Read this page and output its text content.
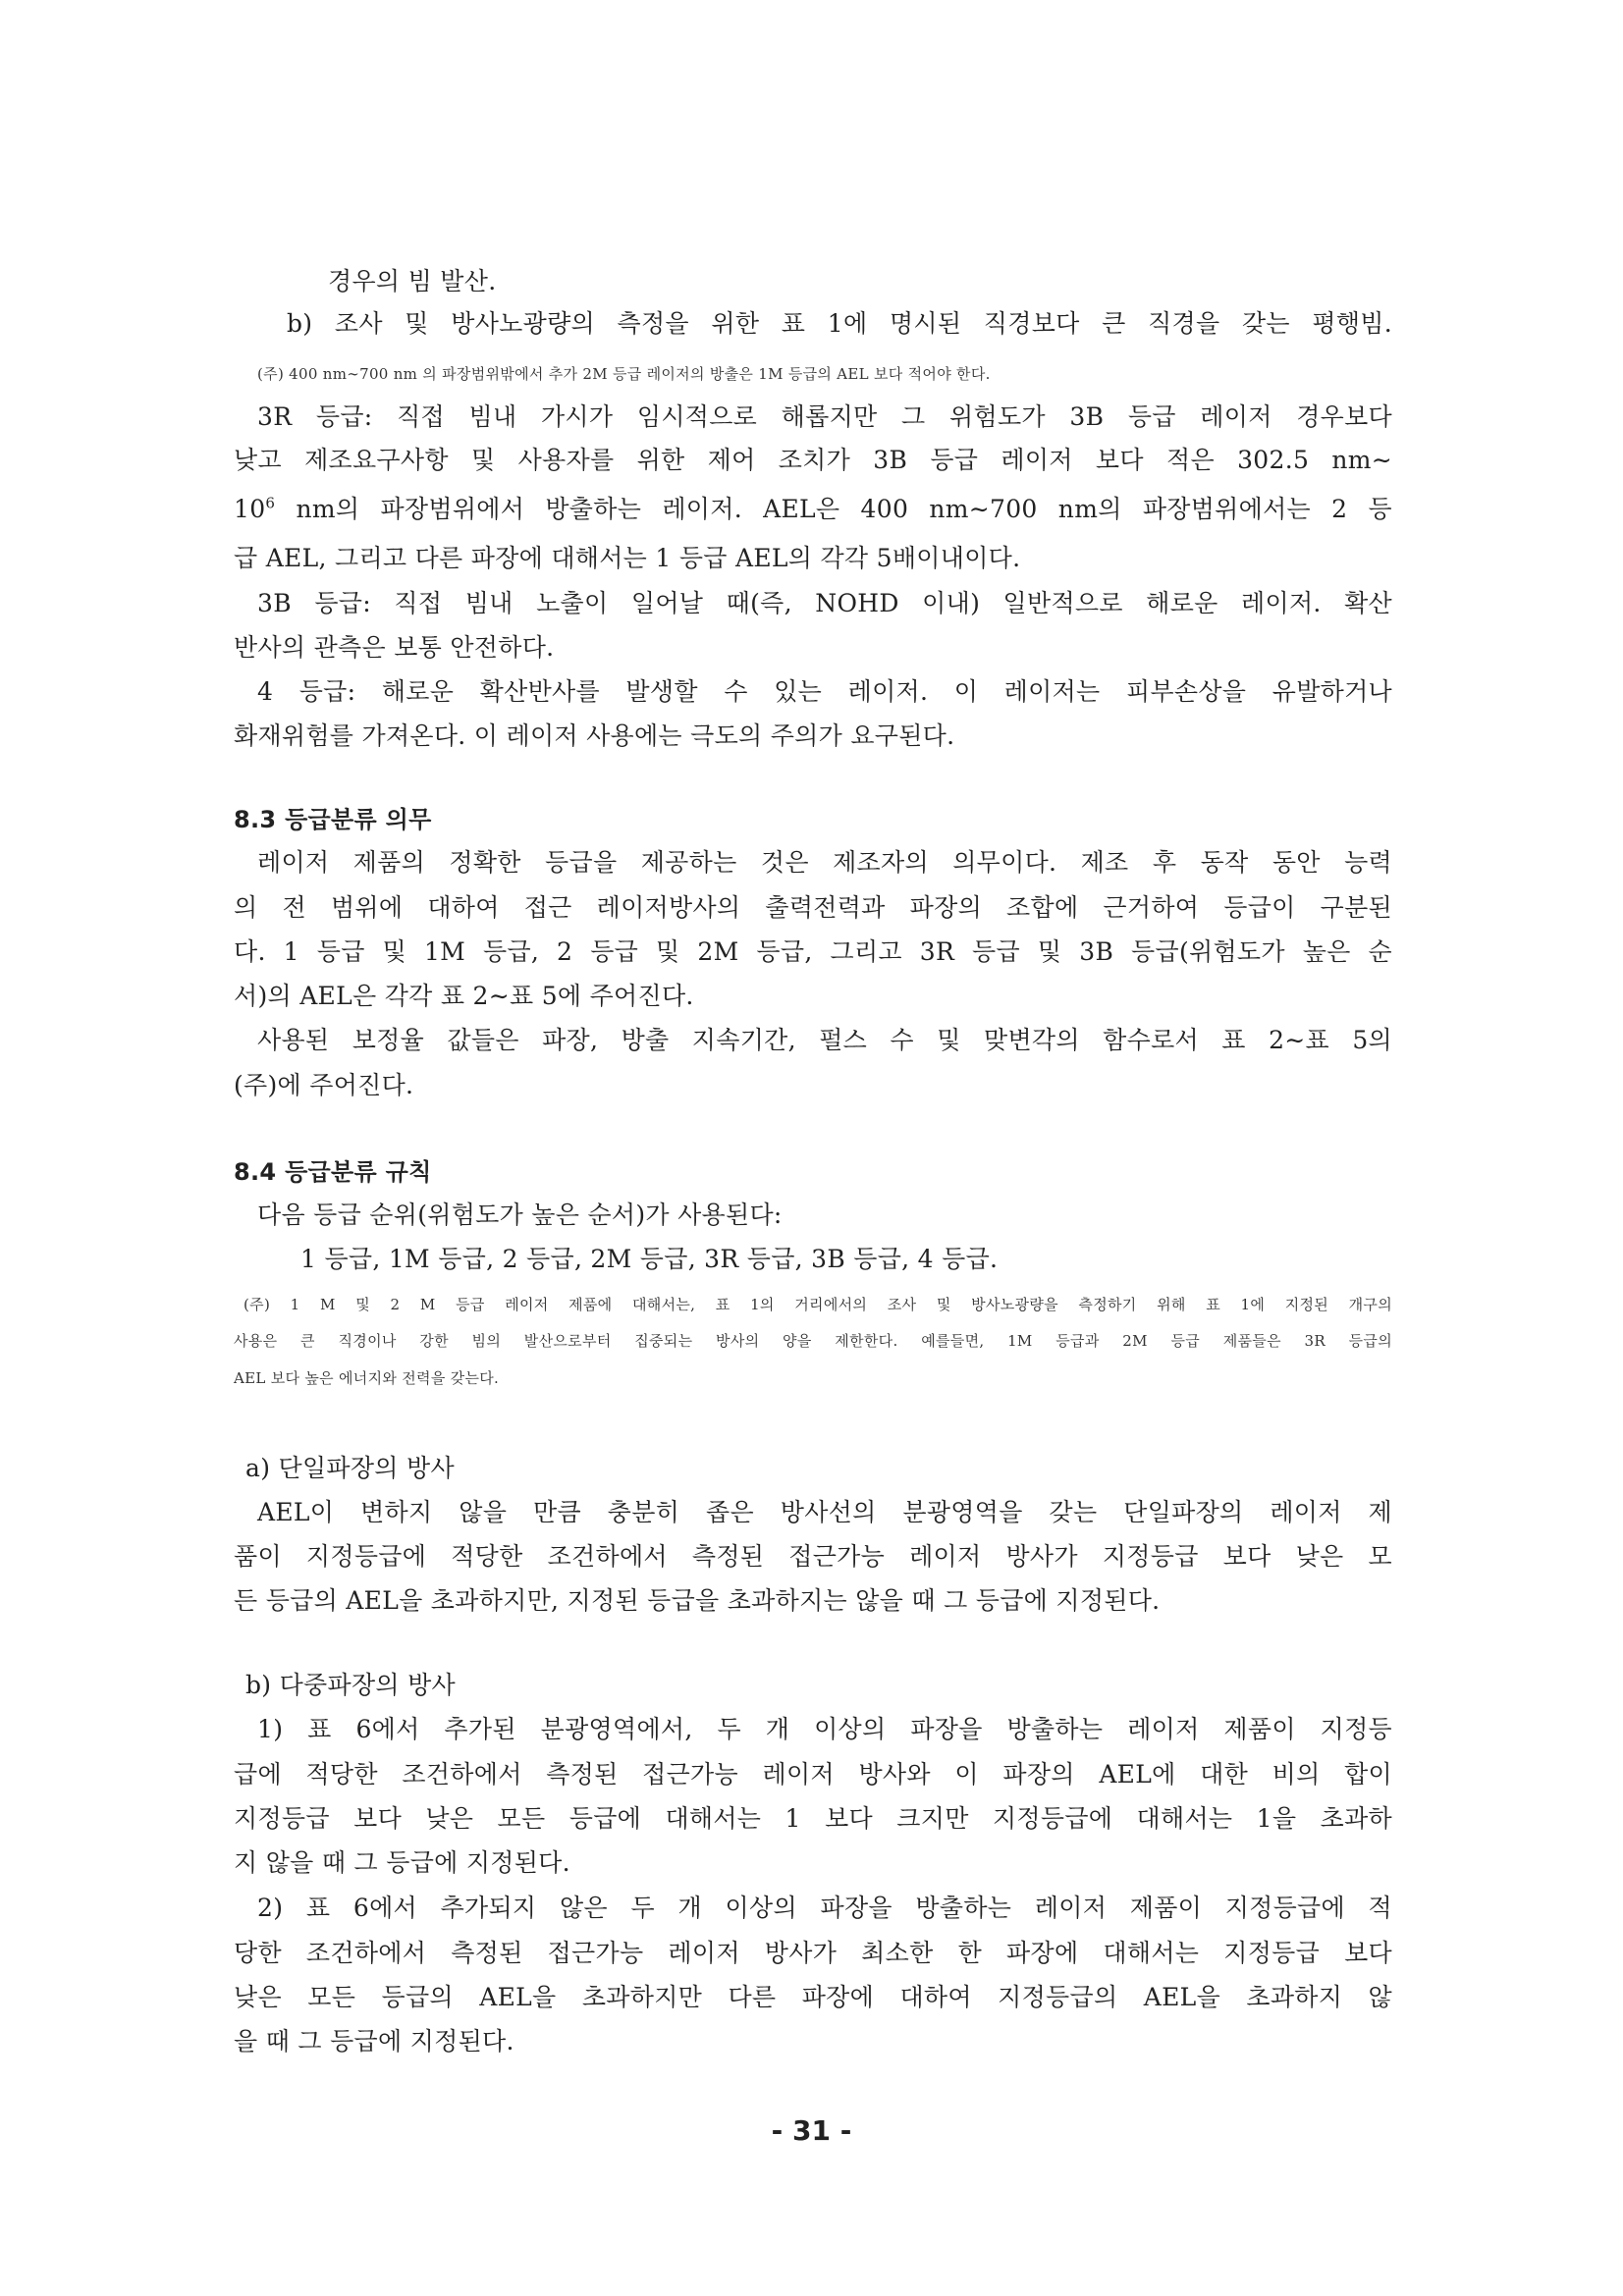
경우의 빔 발산.

b) 조사 및 방사노광량의 측정을 위한 표 1에 명시된 직경보다 큰 직경을 갖는 평행빔.

(주) 400 nm∼700 nm 의 파장범위밖에서 추가 2M 등급 레이저의 방출은 1M 등급의 AEL 보다 적어야 한다.

3R 등급: 직접 빔내 가시가 임시적으로 해롭지만 그 위험도가 3B 등급 레이저 경우보다

낮고 제조요구사항 및 사용자를 위한 제어 조치가 3B 등급 레이저 보다 적은 302.5 nm∼

$10^6$ nm의 파장범위에서 방출하는 레이저. AEL은 400 nm∼700 nm의 파장범위에서는 2 등

급 AEL, 그리고 다른 파장에 대해서는 1 등급 AEL의 각각 5배이내이다.

3B 등급: 직접 빔내 노출이 일어날 때(즉, NOHD 이내) 일반적으로 해로운 레이저. 확산

반사의 관측은 보통 안전하다.

4 등급: 해로운 확산반사를 발생할 수 있는 레이저. 이 레이저는 피부손상을 유발하거나

화재위험를 가져온다. 이 레이저 사용에는 극도의 주의가 요구된다.

8.3 등급분류 의무

레이저 제품의 정확한 등급을 제공하는 것은 제조자의 의무이다. 제조 후 동작 동안 능력

의 전 범위에 대하여 접근 레이저방사의 출력전력과 파장의 조합에 근거하여 등급이 구분된

다. 1 등급 및 1M 등급, 2 등급 및 2M 등급, 그리고 3R 등급 및 3B 등급(위험도가 높은 순

서)의 AEL은 각각 표 2∼표 5에 주어진다.

사용된 보정율 값들은 파장, 방출 지속기간, 펄스 수 및 맞변각의 함수로서 표 2∼표 5의

(주)에 주어진다.

8.4 등급분류 규칙

다음 등급 순위(위험도가 높은 순서)가 사용된다:

1 등급, 1M 등급, 2 등급, 2M 등급, 3R 등급, 3B 등급, 4 등급.

(주) 1 M 및 2 M 등급 레이저 제품에 대해서는, 표 1의 거리에서의 조사 및 방사노광량을 측정하기 위해 표 1에 지정된 개구의

사용은 큰 직경이나 강한 빔의 발산으로부터 집중되는 방사의 양을 제한한다. 예를들면, 1M 등급과 2M 등급 제품들은 3R 등급의

AEL 보다 높은 에너지와 전력을 갖는다.

a) 단일파장의 방사

AEL이 변하지 않을 만큼 충분히 좁은 방사선의 분광영역을 갖는 단일파장의 레이저 제

품이 지정등급에 적당한 조건하에서 측정된 접근가능 레이저 방사가 지정등급 보다 낮은 모

든 등급의 AEL을 초과하지만, 지정된 등급을 초과하지는 않을 때 그 등급에 지정된다.

b) 다중파장의 방사

1) 표 6에서 추가된 분광영역에서, 두 개 이상의 파장을 방출하는 레이저 제품이 지정등

급에 적당한 조건하에서 측정된 접근가능 레이저 방사와 이 파장의 AEL에 대한 비의 합이

지정등급 보다 낮은 모든 등급에 대해서는 1 보다 크지만 지정등급에 대해서는 1을 초과하

지 않을 때 그 등급에 지정된다.

2) 표 6에서 추가되지 않은 두 개 이상의 파장을 방출하는 레이저 제품이 지정등급에 적

당한 조건하에서 측정된 접근가능 레이저 방사가 최소한 한 파장에 대해서는 지정등급 보다

낮은 모든 등급의 AEL을 초과하지만 다른 파장에 대하여 지정등급의 AEL을 초과하지 않

을 때 그 등급에 지정된다.

- 31 -
